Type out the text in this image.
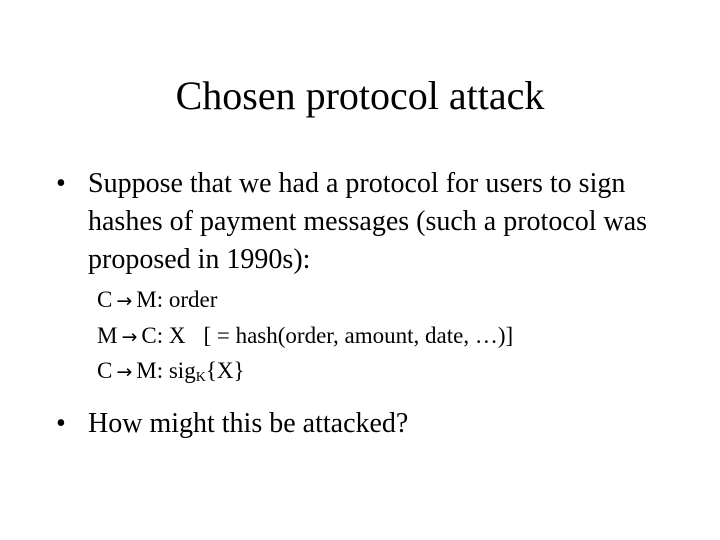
Chosen protocol attack
• Suppose that we had a protocol for users to sign hashes of payment messages (such a protocol was proposed in 1990s):
C → M: order
M → C: X [ = hash(order, amount, date, …)]
C → M: sig$_K${X}
• How might this be attacked?
